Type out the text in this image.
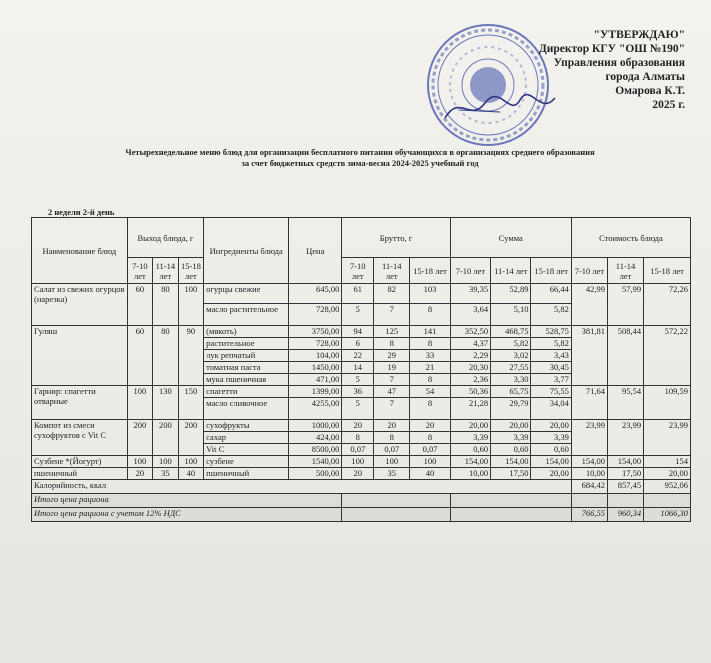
"УТВЕРЖДАЮ"
Директор КГУ "ОШ №190"
Управления образования
города Алматы
Омарова К.Т.
2025 г.
Четырехнедельное меню блюд для организации бесплатного питания обучающихся в организациях среднего образования
за счет бюджетных средств зима-весна 2024-2025 учебный год
2 недели 2-й день
Наименование блюд	Выход блюда, г			Ингредиенты блюда	Цена	Брутто, г			Сумма			Стоимость блюда		
	7-10 лет	11-14 лет	15-18 лет			7-10 лет	11-14 лет	15-18 лет	7-10 лет	11-14 лет	15-18 лет	7-10 лет	11-14 лет	15-18 лет
Салат из свежих огурцов (нарезка)	60	80	100	огурцы свежие	645,00	61	82	103	39,35	52,89	66,44	42,99	57,99	72,26
				масло растительное	728,00	5	7	8	3,64	5,10	5,82			
Гуляш	60	80	90	(мякоть)	3750,00	94	125	141	352,50	468,75	528,75	381,81	508,44	572,22
				растительное	728,00	6	8	8	4,37	5,82	5,82			
				лук репчатый	104,00	22	29	33	2,29	3,02	3,43			
				томатная паста	1450,00	14	19	21	20,30	27,55	30,45			
				мука пшеничная	471,00	5	7	8	2,36	3,30	3,77			
Гарнир: спагетти отварные	100	130	150	спагетти	1399,00	36	47	54	50,36	65,75	75,55	71,64	95,54	109,59
				масло сливочное	4255,00	5	7	8	21,28	29,79	34,04			
Компот из смеси сухофруктов с Vit C	200	200	200	сухофрукты	1000,00	20	20	20	20,00	20,00	20,00	23,99	23,99	23,99
				сахар	424,00	8	8	8	3,39	3,39	3,39			
				Vit C	8500,00	0,07	0,07	0,07	0,60	0,60	0,60			
Сузбене *(Йогурт)	100	100	100	сузбене	1540,00	100	100	100	154,00	154,00	154,00	154,00	154,00	154
пшеничный	20	35	40	пшеничный	500,00	20	35	40	10,00	17,50	20,00	10,00	17,50	20,00
Калорийность, ккал												684,42	857,45	952,06
Итого цена рациона														
Итого цена рациона с учетом 12% НДС												766,55	960,34	1066,30
